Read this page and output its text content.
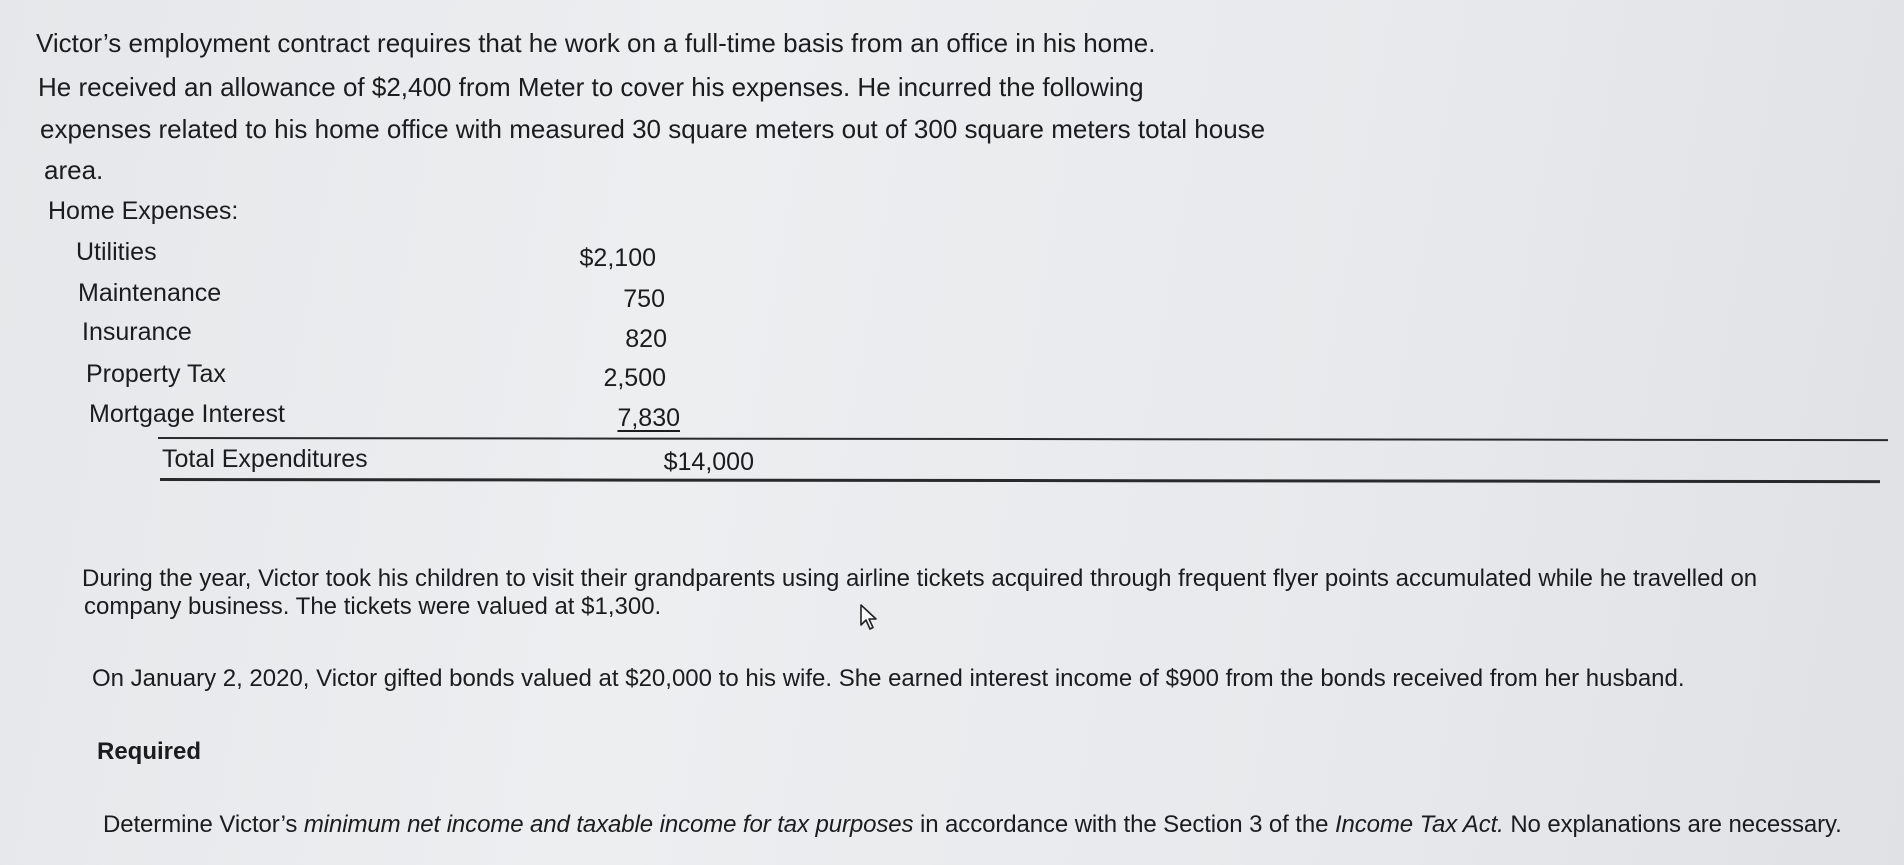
Victor’s employment contract requires that he work on a full-time basis from an office in his home.
He received an allowance of $2,400 from Meter to cover his expenses. He incurred the following
expenses related to his home office with measured 30 square meters out of 300 square meters total house
area.
Home Expenses:
Utilities	$2,100
Maintenance	750
Insurance	820
Property Tax	2,500
Mortgage Interest	7,830
Total Expenditures	$14,000
During the year, Victor took his children to visit their grandparents using airline tickets acquired through frequent flyer points accumulated while he travelled on
company business. The tickets were valued at $1,300.
On January 2, 2020, Victor gifted bonds valued at $20,000 to his wife. She earned interest income of $900 from the bonds received from her husband.
Required
Determine Victor’s minimum net income and taxable income for tax purposes in accordance with the Section 3 of the Income Tax Act. No explanations are necessary.
